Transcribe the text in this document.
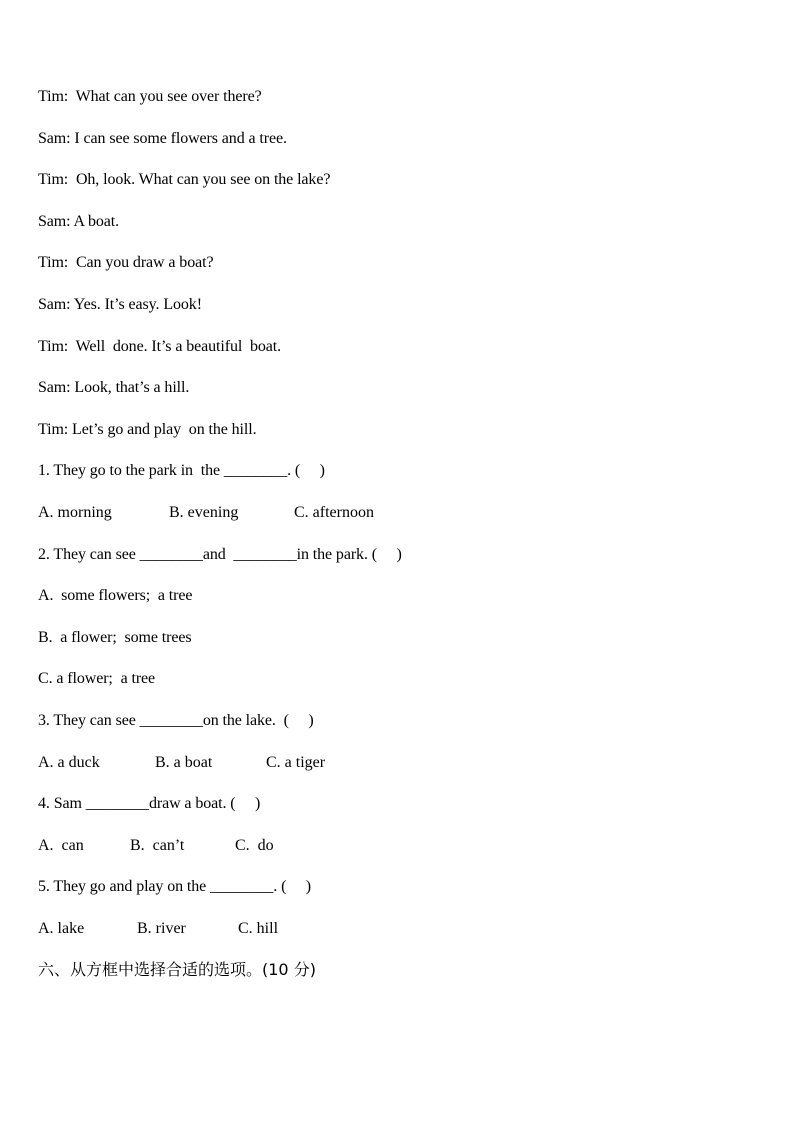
Tim:  What can you see over there?
Sam: I can see some flowers and a tree.
Tim:  Oh, look. What can you see on the lake?
Sam: A boat.
Tim:  Can you draw a boat?
Sam: Yes. It’s easy. Look!
Tim:  Well  done. It’s a beautiful  boat.
Sam: Look, that’s a hill.
Tim: Let’s go and play  on the hill.
1. They go to the park in  the ________. (     )

A. morning

	B. evening

	C. afternoon

2. They can see ________and  ________in the park. (     )
A.  some flowers;  a tree
B.  a flower;  some trees
C. a flower;  a tree
3. They can see ________on the lake.  (     )

A. a duck

	B. a boat

	C. a tiger

4. Sam ________draw a boat. (     )

A.  can

	B.  can’t

	C.  do

5. They go and play on the ________. (     )

A. lake

	B. river

	C. hill

六、从方框中选择合适的选项。(10 分)
